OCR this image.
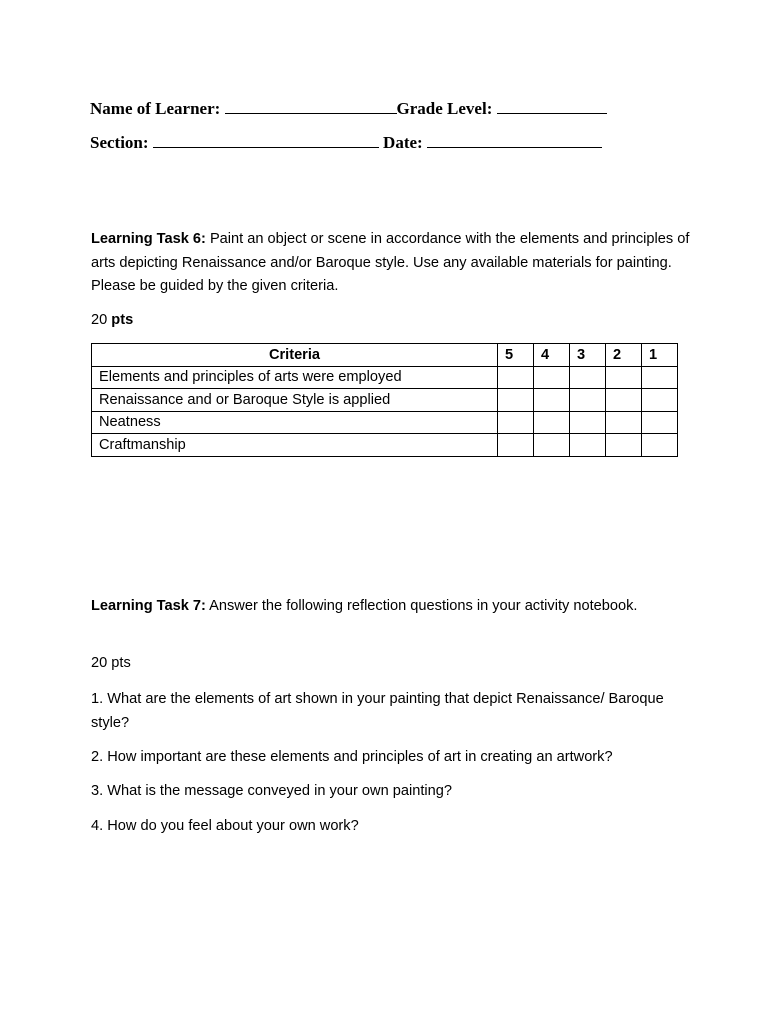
Name of Learner:	Grade Level:
Section:	Date:
Learning Task 6: Paint an object or scene in accordance with the elements and principles of arts depicting Renaissance and/or Baroque style. Use any available materials for painting. Please be guided by the given criteria.
20 pts
Criteria	5	4	3	2	1
Elements and principles of arts were employed					
Renaissance and or Baroque Style is applied					
Neatness					
Craftmanship					
Learning Task 7: Answer the following reflection questions in your activity notebook.
20 pts
1. What are the elements of art shown in your painting that depict Renaissance/ Baroque style?
2. How important are these elements and principles of art in creating an artwork?
3. What is the message conveyed in your own painting?
4. How do you feel about your own work?
